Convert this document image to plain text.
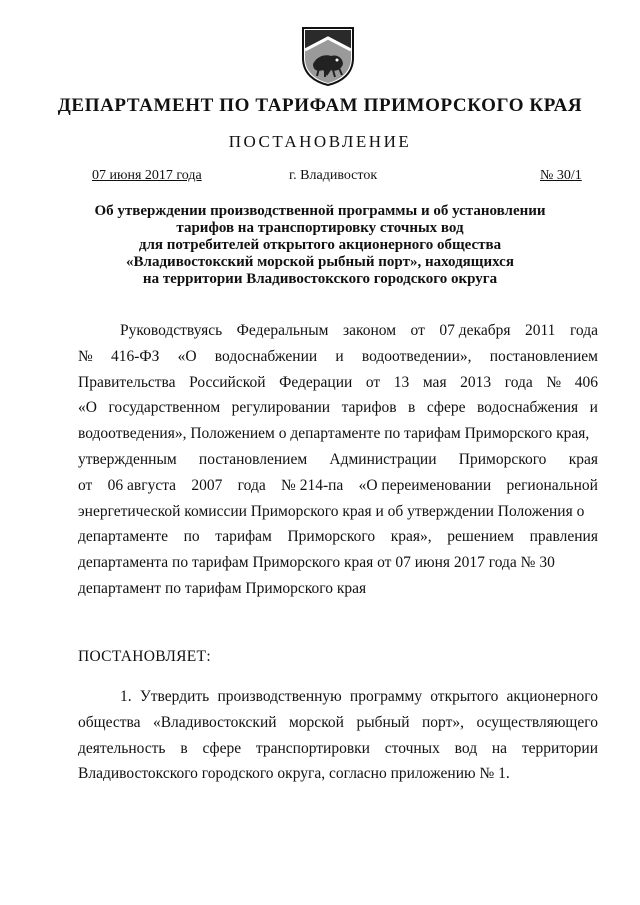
ДЕПАРТАМЕНТ ПО ТАРИФАМ ПРИМОРСКОГО КРАЯ
ПОСТАНОВЛЕНИЕ
07 июня 2017 года	г. Владивосток	№ 30/1
Об утверждении производственной программы и об установлении
тарифов на транспортировку сточных вод
для потребителей открытого акционерного общества
«Владивостокский морской рыбный порт», находящихся
на территории Владивостокского городского округа
Руководствуясь Федеральным законом от 07 декабря 2011 года
№ 416-ФЗ «О водоснабжении и водоотведении», постановлением
Правительства Российской Федерации от 13 мая 2013 года № 406
«О государственном регулировании тарифов в сфере водоснабжения и
водоотведения», Положением о департаменте по тарифам Приморского края,
утвержденным постановлением Администрации Приморского края
от 06 августа 2007 года № 214-па «О переименовании региональной
энергетической комиссии Приморского края и об утверждении Положения о
департаменте по тарифам Приморского края», решением правления
департамента по тарифам Приморского края от 07 июня 2017 года № 30
департамент по тарифам Приморского края
ПОСТАНОВЛЯЕТ:
1. Утвердить производственную программу открытого акционерного
общества «Владивостокский морской рыбный порт», осуществляющего
деятельность в сфере транспортировки сточных вод на территории
Владивостокского городского округа, согласно приложению № 1.
